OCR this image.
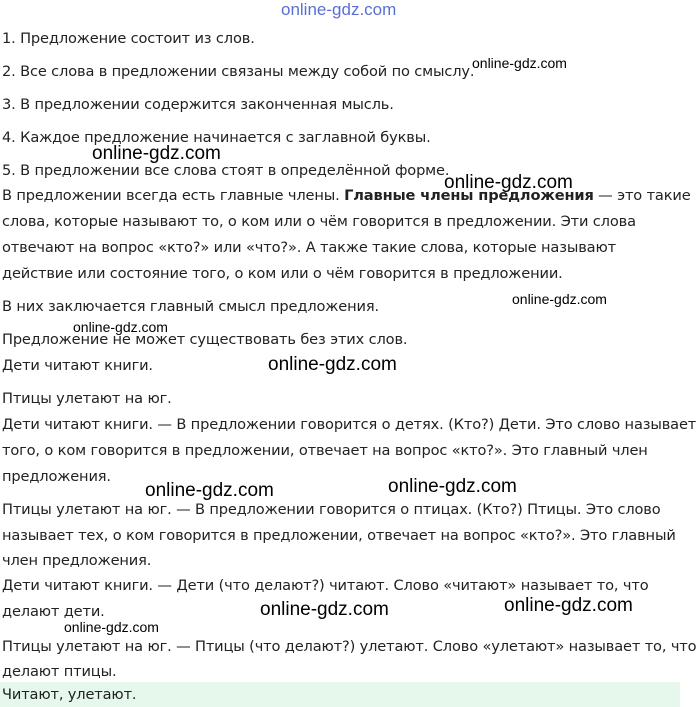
online-gdz.com
1. Предложение состоит из слов.
2. Все слова в предложении связаны между собой по смыслу.
3. В предложении содержится законченная мысль.
4. Каждое предложение начинается с заглавной буквы.
5. В предложении все слова стоят в определённой форме.
В предложении всегда есть главные члены. Главные члены предложения — это такие
слова, которые называют то, о ком или о чём говорится в предложении. Эти слова
отвечают на вопрос «кто?» или «что?». А также такие слова, которые называют
действие или состояние того, о ком или о чём говорится в предложении.
В них заключается главный смысл предложения.
Предложение не может существовать без этих слов.
Дети читают книги.
Птицы улетают на юг.
Дети читают книги. — В предложении говорится о детях. (Кто?) Дети. Это слово называет
того, о ком говорится в предложении, отвечает на вопрос «кто?». Это главный член
предложения.
Птицы улетают на юг. — В предложении говорится о птицах. (Кто?) Птицы. Это слово
называет тех, о ком говорится в предложении, отвечает на вопрос «кто?». Это главный
член предложения.
Дети читают книги. — Дети (что делают?) читают. Слово «читают» называет то, что
делают дети.
Птицы улетают на юг. — Птицы (что делают?) улетают. Слово «улетают» называет то, что
делают птицы.
Читают, улетают.
online-gdz.com
online-gdz.com
online-gdz.com
online-gdz.com
online-gdz.com
online-gdz.com
online-gdz.com	online-gdz.com
online-gdz.com	online-gdz.com
online-gdz.com
